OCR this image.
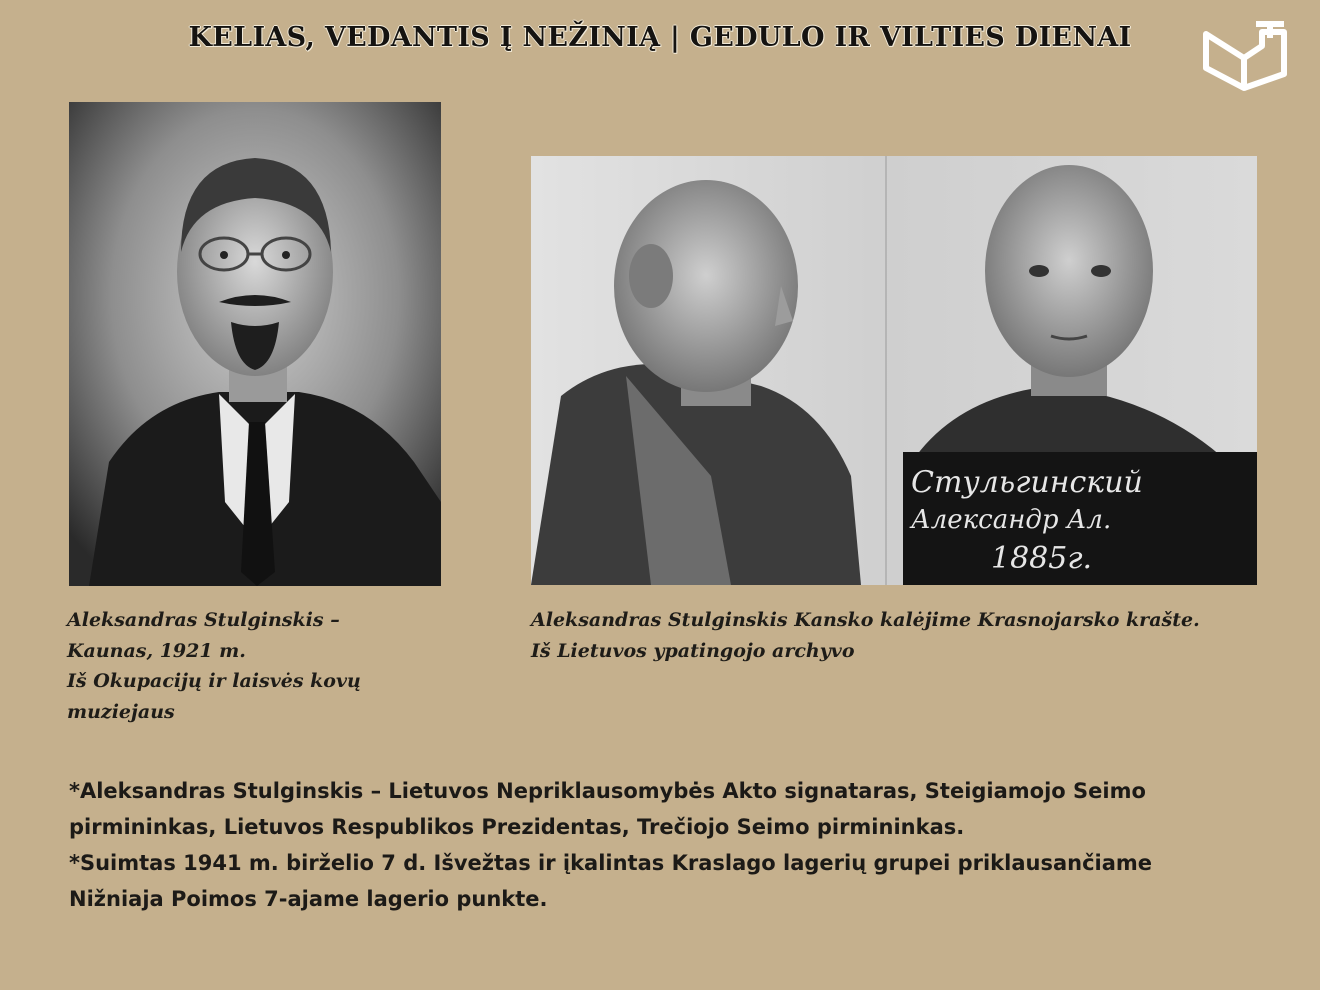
KELIAS, VEDANTIS Į NEŽINIĄ | GEDULO IR VILTIES DIENAI
Стульгинский
Александр Ал.
1885г.
Aleksandras Stulginskis –
Kaunas, 1921 m.
Iš Okupacijų ir laisvės kovų
muziejaus
Aleksandras Stulginskis Kansko kalėjime Krasnojarsko krašte.
Iš Lietuvos ypatingojo archyvo
*Aleksandras Stulginskis – Lietuvos Nepriklausomybės Akto signataras, Steigiamojo Seimo
pirmininkas, Lietuvos Respublikos Prezidentas, Trečiojo Seimo pirmininkas.
*Suimtas 1941 m. birželio 7 d. Išvežtas ir įkalintas Kraslago lagerių grupei priklausančiame
Nižniaja Poimos 7-ajame lagerio punkte.
